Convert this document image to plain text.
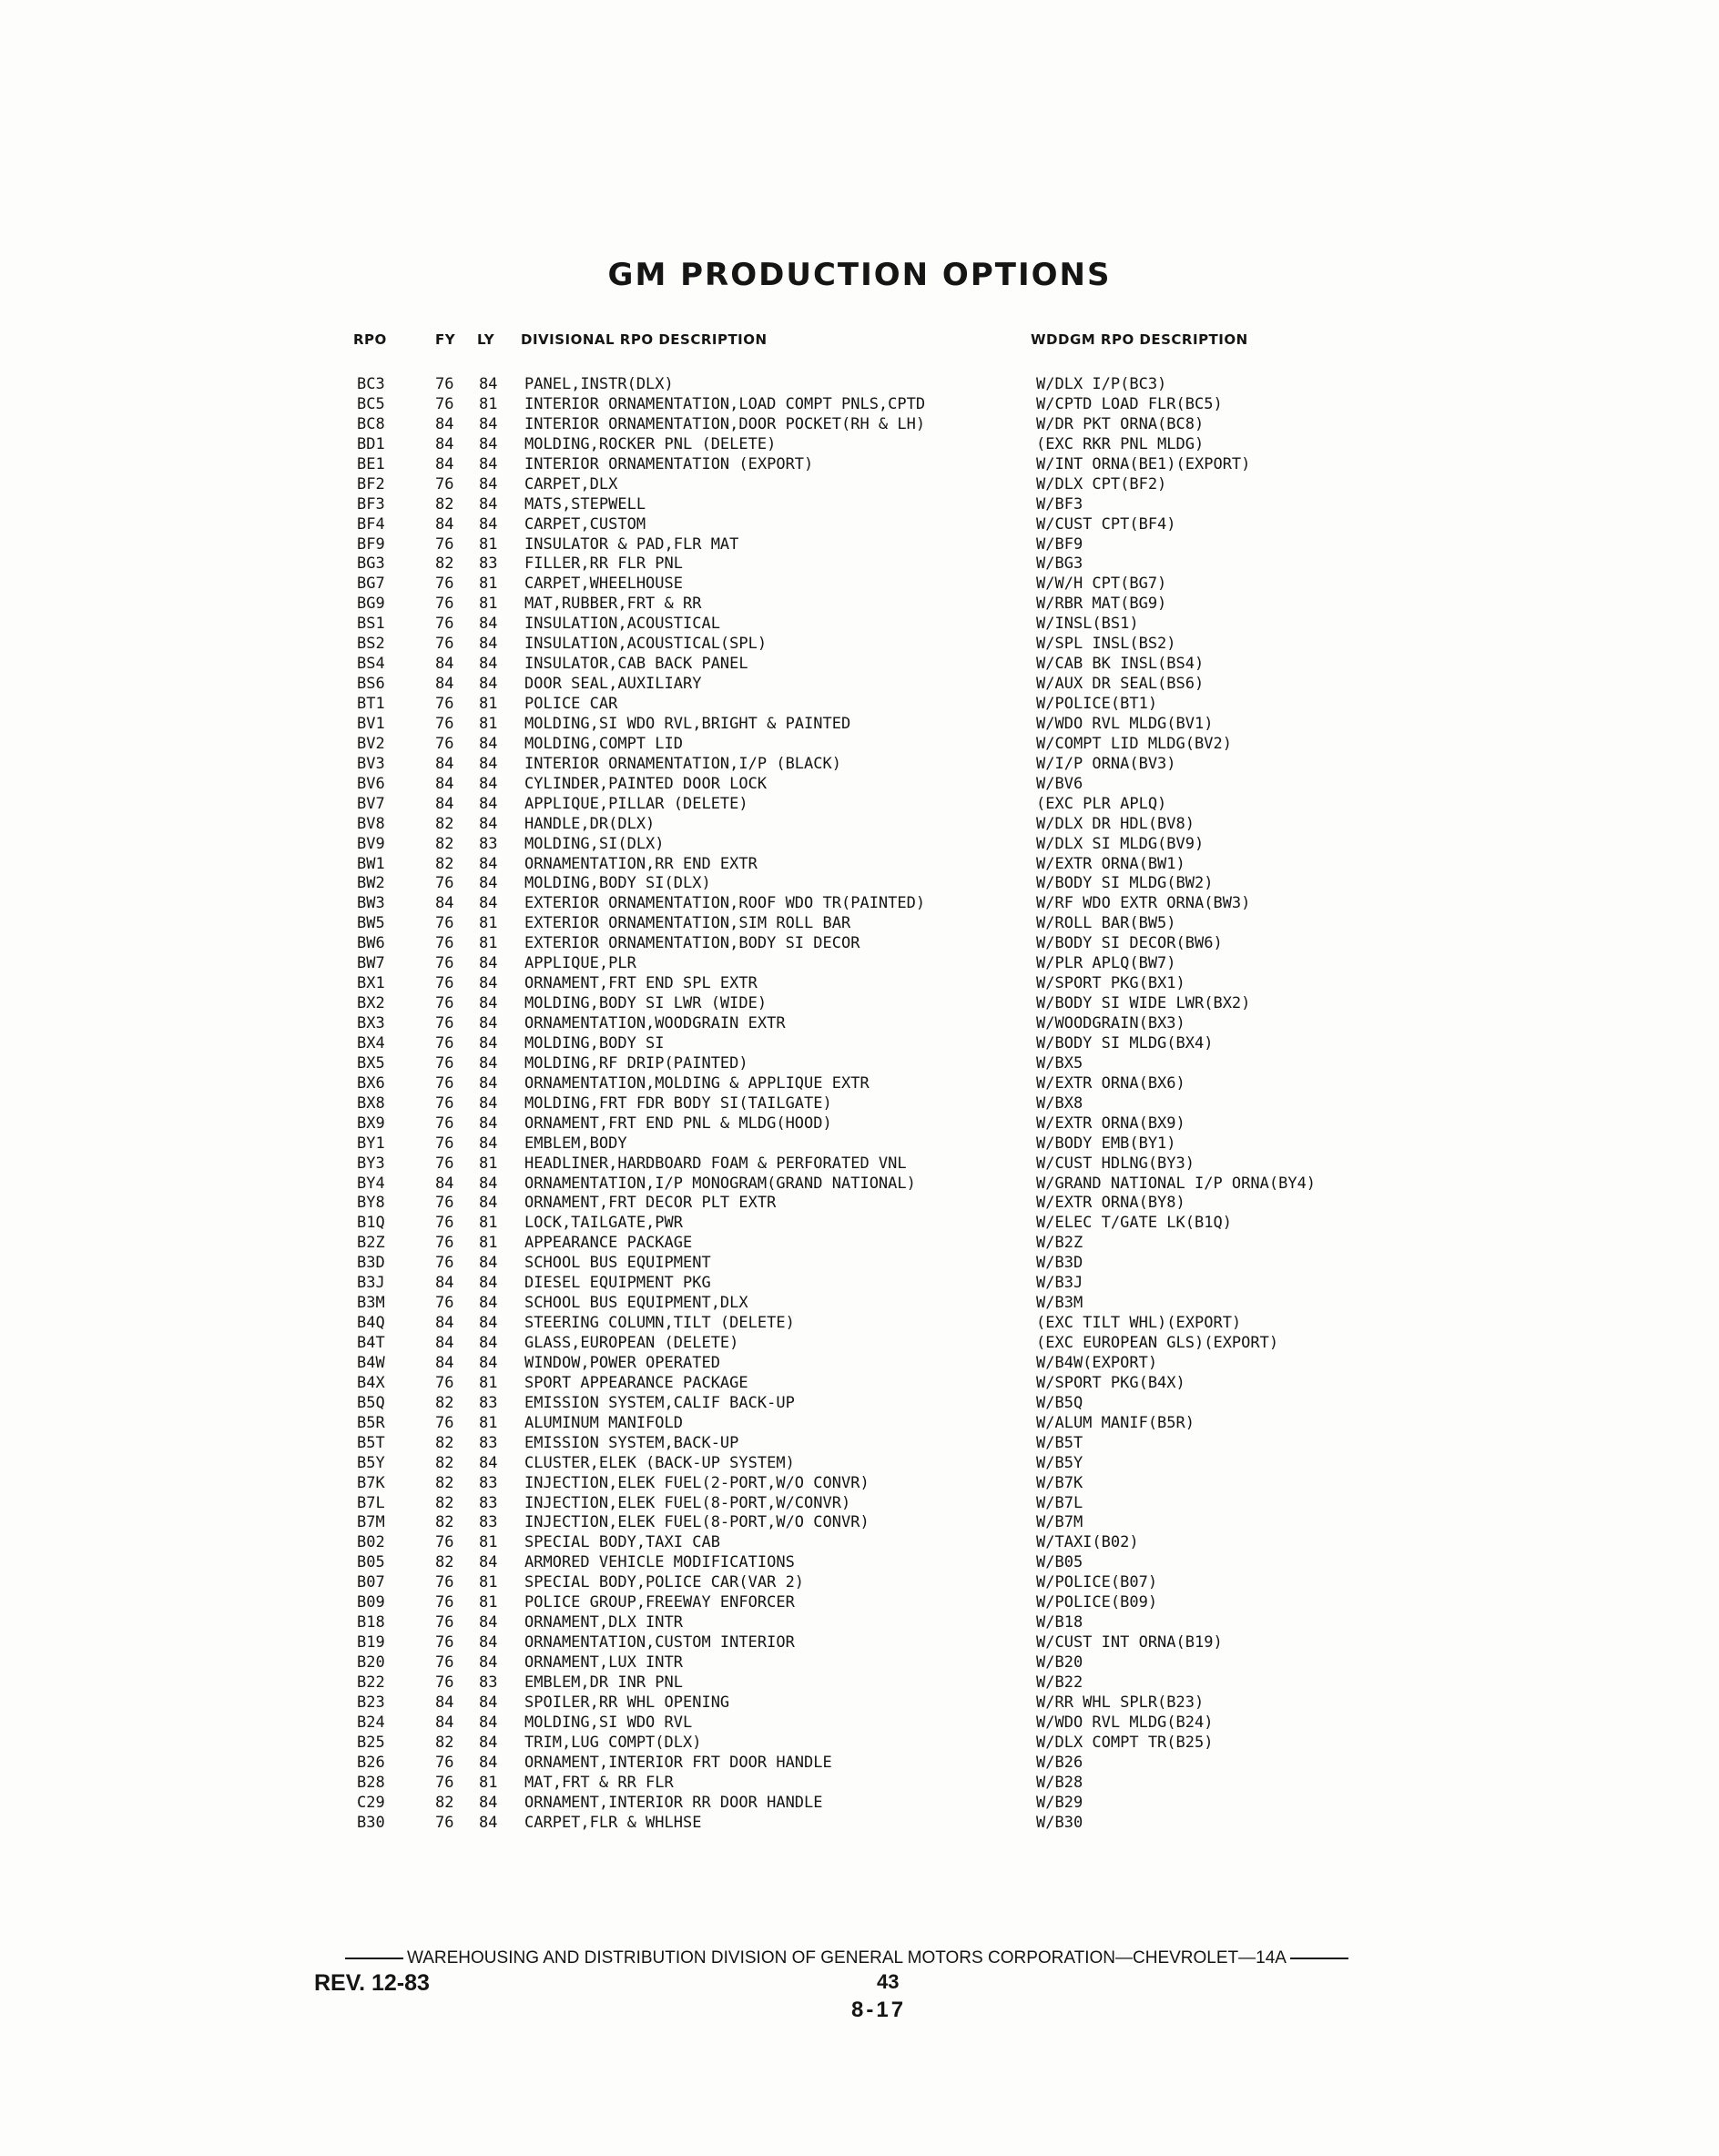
GM PRODUCTION OPTIONS
RPO	FY LY DIVISIONAL RPO DESCRIPTION	WDDGM RPO DESCRIPTION
BC3	76 84 PANEL,INSTR(DLX)	W/DLX I/P(BC3)
BC5	76 81 INTERIOR ORNAMENTATION,LOAD COMPT PNLS,CPTD	W/CPTD LOAD FLR(BC5)
BC8	84 84 INTERIOR ORNAMENTATION,DOOR POCKET(RH & LH)	W/DR PKT ORNA(BC8)
BD1	84 84 MOLDING,ROCKER PNL (DELETE)	(EXC RKR PNL MLDG)
BE1	84 84 INTERIOR ORNAMENTATION (EXPORT)	W/INT ORNA(BE1)(EXPORT)
BF2	76 84 CARPET,DLX	W/DLX CPT(BF2)
BF3	82 84 MATS,STEPWELL	W/BF3
BF4	84 84 CARPET,CUSTOM	W/CUST CPT(BF4)
BF9	76 81 INSULATOR & PAD,FLR MAT	W/BF9
BG3	82 83 FILLER,RR FLR PNL	W/BG3
BG7	76 81 CARPET,WHEELHOUSE	W/W/H CPT(BG7)
BG9	76 81 MAT,RUBBER,FRT & RR	W/RBR MAT(BG9)
BS1	76 84 INSULATION,ACOUSTICAL	W/INSL(BS1)
BS2	76 84 INSULATION,ACOUSTICAL(SPL)	W/SPL INSL(BS2)
BS4	84 84 INSULATOR,CAB BACK PANEL	W/CAB BK INSL(BS4)
BS6	84 84 DOOR SEAL,AUXILIARY	W/AUX DR SEAL(BS6)
BT1	76 81 POLICE CAR	W/POLICE(BT1)
BV1	76 81 MOLDING,SI WDO RVL,BRIGHT & PAINTED	W/WDO RVL MLDG(BV1)
BV2	76 84 MOLDING,COMPT LID	W/COMPT LID MLDG(BV2)
BV3	84 84 INTERIOR ORNAMENTATION,I/P (BLACK)	W/I/P ORNA(BV3)
BV6	84 84 CYLINDER,PAINTED DOOR LOCK	W/BV6
BV7	84 84 APPLIQUE,PILLAR (DELETE)	(EXC PLR APLQ)
BV8	82 84 HANDLE,DR(DLX)	W/DLX DR HDL(BV8)
BV9	82 83 MOLDING,SI(DLX)	W/DLX SI MLDG(BV9)
BW1	82 84 ORNAMENTATION,RR END EXTR	W/EXTR ORNA(BW1)
BW2	76 84 MOLDING,BODY SI(DLX)	W/BODY SI MLDG(BW2)
BW3	84 84 EXTERIOR ORNAMENTATION,ROOF WDO TR(PAINTED)	W/RF WDO EXTR ORNA(BW3)
BW5	76 81 EXTERIOR ORNAMENTATION,SIM ROLL BAR	W/ROLL BAR(BW5)
BW6	76 81 EXTERIOR ORNAMENTATION,BODY SI DECOR	W/BODY SI DECOR(BW6)
BW7	76 84 APPLIQUE,PLR	W/PLR APLQ(BW7)
BX1	76 84 ORNAMENT,FRT END SPL EXTR	W/SPORT PKG(BX1)
BX2	76 84 MOLDING,BODY SI LWR (WIDE)	W/BODY SI WIDE LWR(BX2)
BX3	76 84 ORNAMENTATION,WOODGRAIN EXTR	W/WOODGRAIN(BX3)
BX4	76 84 MOLDING,BODY SI	W/BODY SI MLDG(BX4)
BX5	76 84 MOLDING,RF DRIP(PAINTED)	W/BX5
BX6	76 84 ORNAMENTATION,MOLDING & APPLIQUE EXTR	W/EXTR ORNA(BX6)
BX8	76 84 MOLDING,FRT FDR BODY SI(TAILGATE)	W/BX8
BX9	76 84 ORNAMENT,FRT END PNL & MLDG(HOOD)	W/EXTR ORNA(BX9)
BY1	76 84 EMBLEM,BODY	W/BODY EMB(BY1)
BY3	76 81 HEADLINER,HARDBOARD FOAM & PERFORATED VNL	W/CUST HDLNG(BY3)
BY4	84 84 ORNAMENTATION,I/P MONOGRAM(GRAND NATIONAL)	W/GRAND NATIONAL I/P ORNA(BY4)
BY8	76 84 ORNAMENT,FRT DECOR PLT EXTR	W/EXTR ORNA(BY8)
B1Q	76 81 LOCK,TAILGATE,PWR	W/ELEC T/GATE LK(B1Q)
B2Z	76 81 APPEARANCE PACKAGE	W/B2Z
B3D	76 84 SCHOOL BUS EQUIPMENT	W/B3D
B3J	84 84 DIESEL EQUIPMENT PKG	W/B3J
B3M	76 84 SCHOOL BUS EQUIPMENT,DLX	W/B3M
B4Q	84 84 STEERING COLUMN,TILT (DELETE)	(EXC TILT WHL)(EXPORT)
B4T	84 84 GLASS,EUROPEAN (DELETE)	(EXC EUROPEAN GLS)(EXPORT)
B4W	84 84 WINDOW,POWER OPERATED	W/B4W(EXPORT)
B4X	76 81 SPORT APPEARANCE PACKAGE	W/SPORT PKG(B4X)
B5Q	82 83 EMISSION SYSTEM,CALIF BACK-UP	W/B5Q
B5R	76 81 ALUMINUM MANIFOLD	W/ALUM MANIF(B5R)
B5T	82 83 EMISSION SYSTEM,BACK-UP	W/B5T
B5Y	82 84 CLUSTER,ELEK (BACK-UP SYSTEM)	W/B5Y
B7K	82 83 INJECTION,ELEK FUEL(2-PORT,W/O CONVR)	W/B7K
B7L	82 83 INJECTION,ELEK FUEL(8-PORT,W/CONVR)	W/B7L
B7M	82 83 INJECTION,ELEK FUEL(8-PORT,W/O CONVR)	W/B7M
B02	76 81 SPECIAL BODY,TAXI CAB	W/TAXI(B02)
B05	82 84 ARMORED VEHICLE MODIFICATIONS	W/B05
B07	76 81 SPECIAL BODY,POLICE CAR(VAR 2)	W/POLICE(B07)
B09	76 81 POLICE GROUP,FREEWAY ENFORCER	W/POLICE(B09)
B18	76 84 ORNAMENT,DLX INTR	W/B18
B19	76 84 ORNAMENTATION,CUSTOM INTERIOR	W/CUST INT ORNA(B19)
B20	76 84 ORNAMENT,LUX INTR	W/B20
B22	76 83 EMBLEM,DR INR PNL	W/B22
B23	84 84 SPOILER,RR WHL OPENING	W/RR WHL SPLR(B23)
B24	84 84 MOLDING,SI WDO RVL	W/WDO RVL MLDG(B24)
B25	82 84 TRIM,LUG COMPT(DLX)	W/DLX COMPT TR(B25)
B26	76 84 ORNAMENT,INTERIOR FRT DOOR HANDLE	W/B26
B28	76 81 MAT,FRT & RR FLR	W/B28
C29	82 84 ORNAMENT,INTERIOR RR DOOR HANDLE	W/B29
B30	76 84 CARPET,FLR & WHLHSE	W/B30
WAREHOUSING AND DISTRIBUTION DIVISION OF GENERAL MOTORS CORPORATION—CHEVROLET—14A
REV. 12-83	43
8-17
